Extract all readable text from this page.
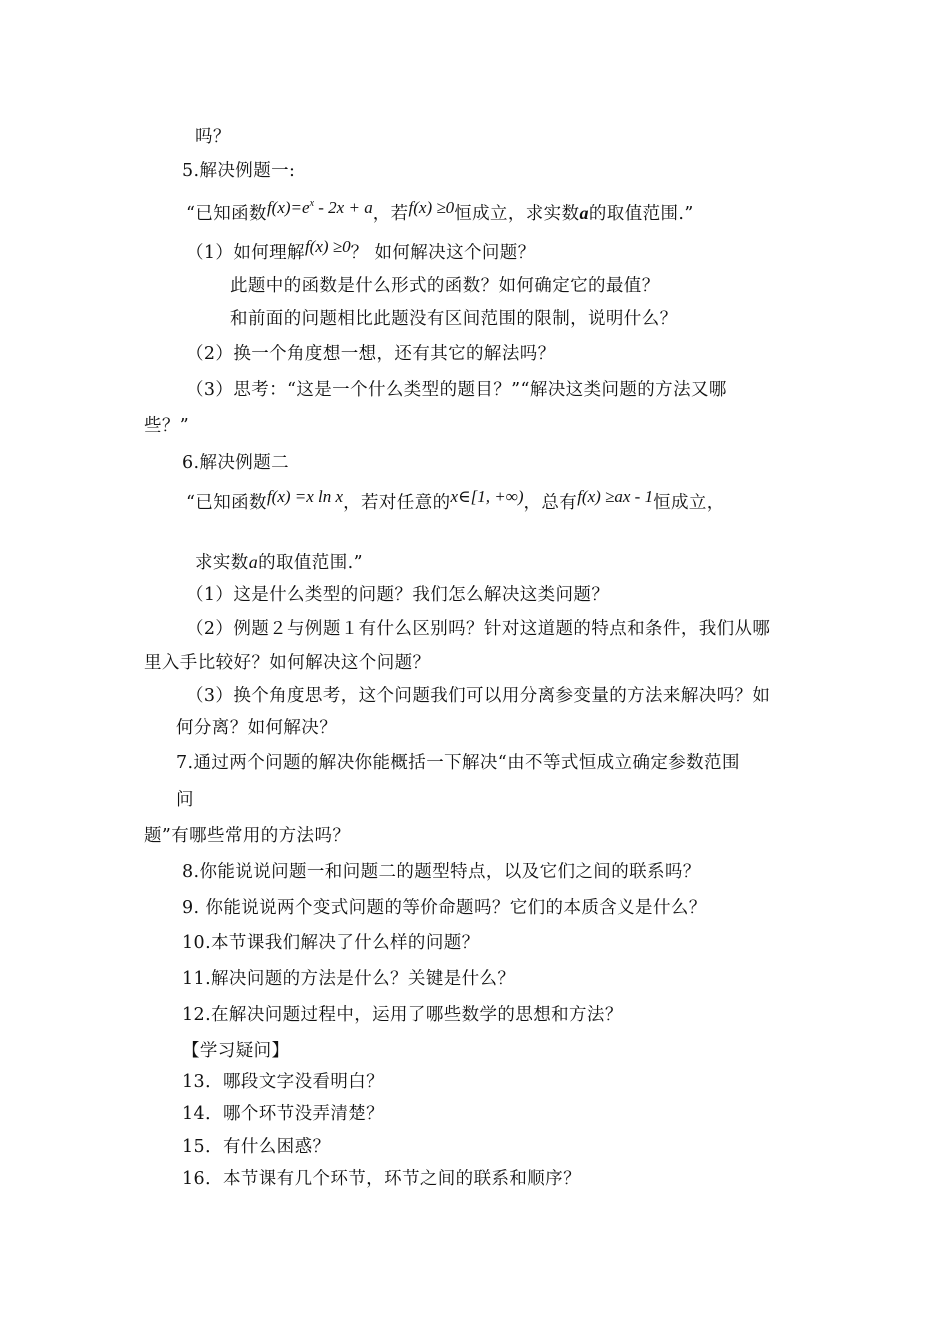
吗？
5.解决例题一:
“已知函数$f(x)=e^x - 2x + a$，若f(x) ≥0恒成立，求实数a的取值范围.”
（1）如何理解f(x) ≥0？ 如何解决这个问题？
此题中的函数是什么形式的函数？如何确定它的最值？
和前面的问题相比此题没有区间范围的限制，说明什么？
（2）换一个角度想一想，还有其它的解法吗？
（3）思考：“这是一个什么类型的题目？”“解决这类问题的方法又哪
些？”
6.解决例题二
“已知函数f(x) =x ln x，若对任意的x∈[1, +∞)，总有f(x) ≥ax - 1恒成立，
求实数a的取值范围.”
（1）这是什么类型的问题？我们怎么解决这类问题？
（2）例题２与例题１有什么区别吗？针对这道题的特点和条件，我们从哪
里入手比较好？如何解决这个问题？
（3）换个角度思考，这个问题我们可以用分离参变量的方法来解决吗？如
何分离？如何解决？
7.通过两个问题的解决你能概括一下解决“由不等式恒成立确定参数范围
问
题”有哪些常用的方法吗？
8.你能说说问题一和问题二的题型特点，以及它们之间的联系吗？
9. 你能说说两个变式问题的等价命题吗？它们的本质含义是什么？
10.本节课我们解决了什么样的问题？
11.解决问题的方法是什么？关键是什么？
12.在解决问题过程中，运用了哪些数学的思想和方法？
【学习疑问】
13．哪段文字没看明白？
14．哪个环节没弄清楚？
15．有什么困惑？
16．本节课有几个环节，环节之间的联系和顺序？
